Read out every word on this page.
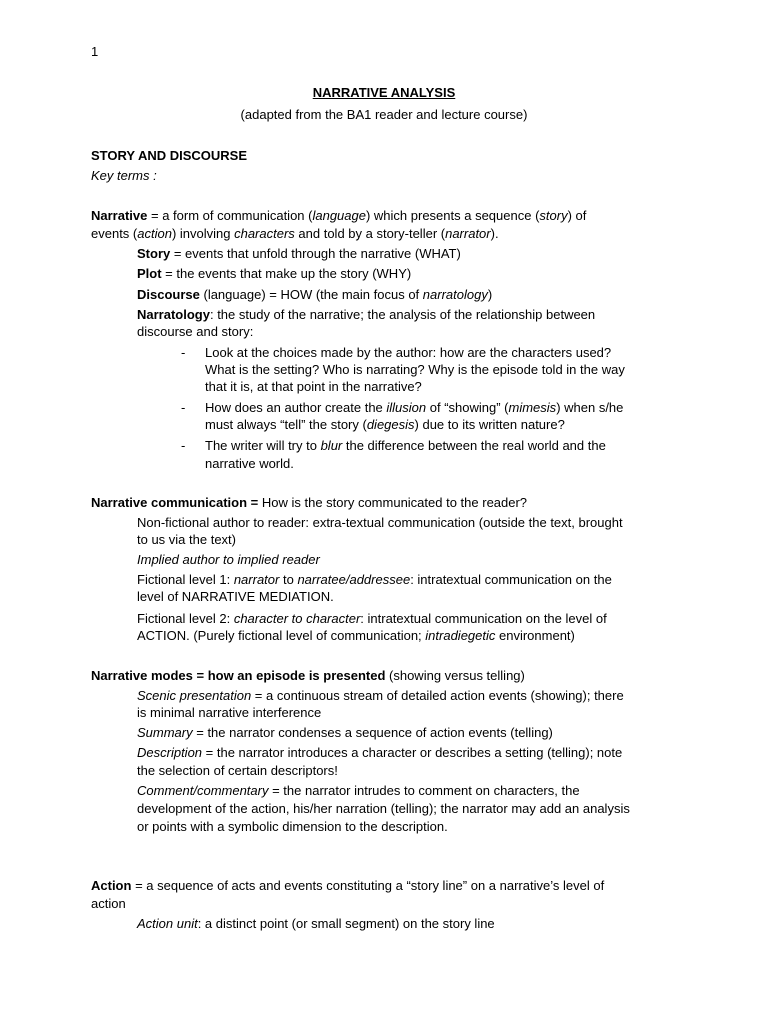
1
NARRATIVE ANALYSIS
(adapted from the BA1 reader and lecture course)
STORY AND DISCOURSE
Key terms :
Narrative = a form of communication (language) which presents a sequence (story) of
events (action) involving characters and told by a story-teller (narrator).
Story = events that unfold through the narrative (WHAT)
Plot = the events that make up the story (WHY)
Discourse (language) = HOW (the main focus of narratology)
Narratology: the study of the narrative; the analysis of the relationship between
discourse and story:
- Look at the choices made by the author: how are the characters used?
What is the setting? Who is narrating? Why is the episode told in the way
that it is, at that point in the narrative?
- How does an author create the illusion of “showing” (mimesis) when s/he
must always “tell” the story (diegesis) due to its written nature?
- The writer will try to blur the difference between the real world and the
narrative world.
Narrative communication = How is the story communicated to the reader?
Non-fictional author to reader: extra-textual communication (outside the text, brought
to us via the text)
Implied author to implied reader
Fictional level 1: narrator to narratee/addressee: intratextual communication on the
level of NARRATIVE MEDIATION.
Fictional level 2: character to character: intratextual communication on the level of
ACTION. (Purely fictional level of communication; intradiegetic environment)
Narrative modes = how an episode is presented (showing versus telling)
Scenic presentation = a continuous stream of detailed action events (showing); there
is minimal narrative interference
Summary = the narrator condenses a sequence of action events (telling)
Description = the narrator introduces a character or describes a setting (telling); note
the selection of certain descriptors!
Comment/commentary = the narrator intrudes to comment on characters, the
development of the action, his/her narration (telling); the narrator may add an analysis
or points with a symbolic dimension to the description.
Action = a sequence of acts and events constituting a “story line” on a narrative’s level of
action
Action unit: a distinct point (or small segment) on the story line
